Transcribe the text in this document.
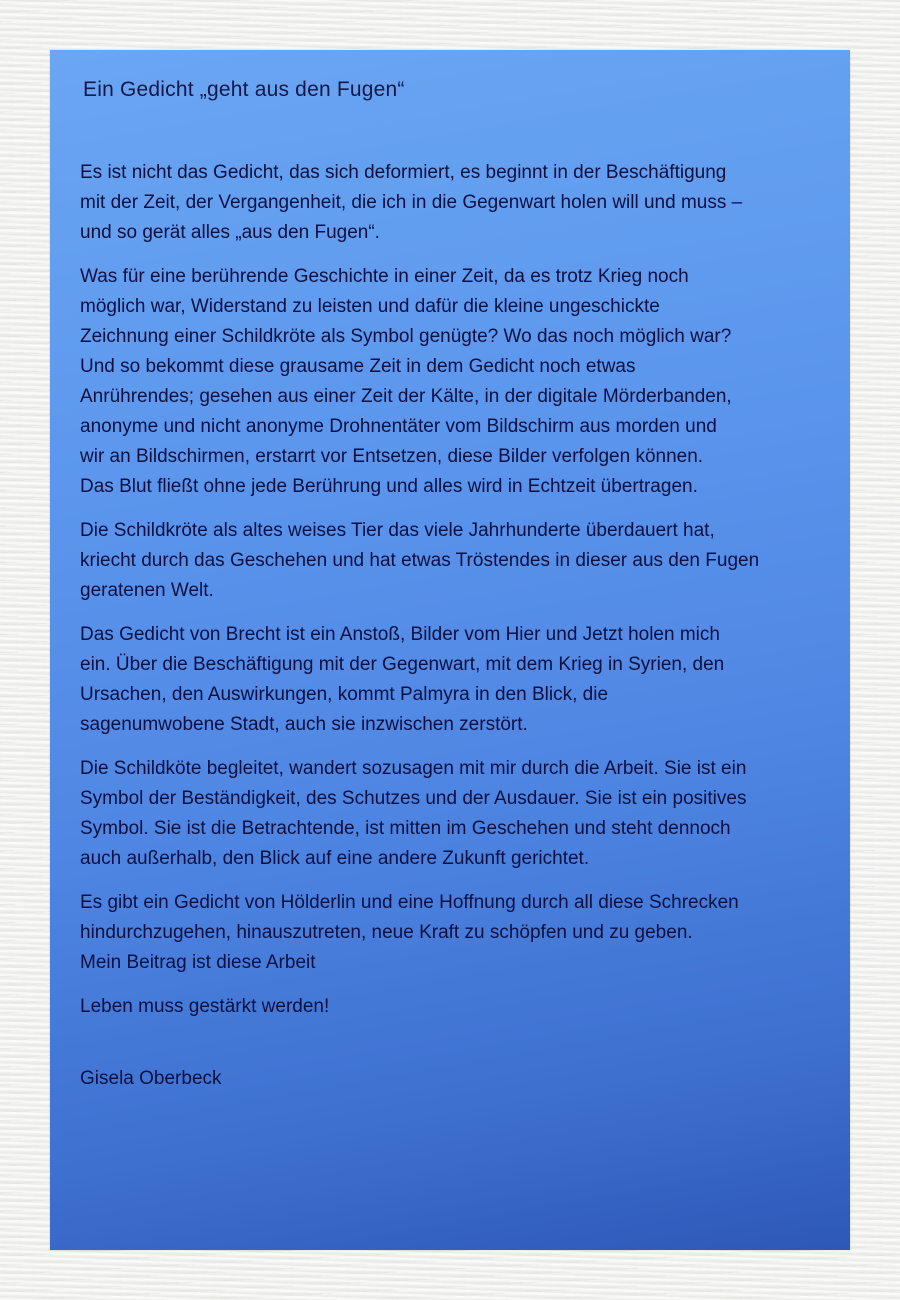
Ein Gedicht „geht aus den Fugen“

Es ist nicht das Gedicht, das sich deformiert, es beginnt in der Beschäftigung
mit der Zeit, der Vergangenheit, die ich in die Gegenwart holen will und muss –
und so gerät alles „aus den Fugen“.

Was für eine berührende Geschichte in einer Zeit, da es trotz Krieg noch
möglich war, Widerstand zu leisten und dafür die kleine ungeschickte
Zeichnung einer Schildkröte als Symbol genügte? Wo das noch möglich war?
Und so bekommt diese grausame Zeit in dem Gedicht noch etwas
Anrührendes; gesehen aus einer Zeit der Kälte, in der digitale Mörderbanden,
anonyme und nicht anonyme Drohnentäter vom Bildschirm aus morden und
wir an Bildschirmen, erstarrt vor Entsetzen, diese Bilder verfolgen können.
Das Blut fließt ohne jede Berührung und alles wird in Echtzeit übertragen.

Die Schildkröte als altes weises Tier das viele Jahrhunderte überdauert hat,
kriecht durch das Geschehen und hat etwas Tröstendes in dieser aus den Fugen
geratenen Welt.

Das Gedicht von Brecht ist ein Anstoß, Bilder vom Hier und Jetzt holen mich
ein. Über die Beschäftigung mit der Gegenwart, mit dem Krieg in Syrien, den
Ursachen, den Auswirkungen, kommt Palmyra in den Blick, die
sagenumwobene Stadt, auch sie inzwischen zerstört.

Die Schildköte begleitet, wandert sozusagen mit mir durch die Arbeit. Sie ist ein
Symbol der Beständigkeit, des Schutzes und der Ausdauer. Sie ist ein positives
Symbol. Sie ist die Betrachtende, ist mitten im Geschehen und steht dennoch
auch außerhalb, den Blick auf eine andere Zukunft gerichtet.

Es gibt ein Gedicht von Hölderlin und eine Hoffnung durch all diese Schrecken
hindurchzugehen, hinauszutreten, neue Kraft zu schöpfen und zu geben.
Mein Beitrag ist diese Arbeit

Leben muss gestärkt werden!

Gisela Oberbeck
